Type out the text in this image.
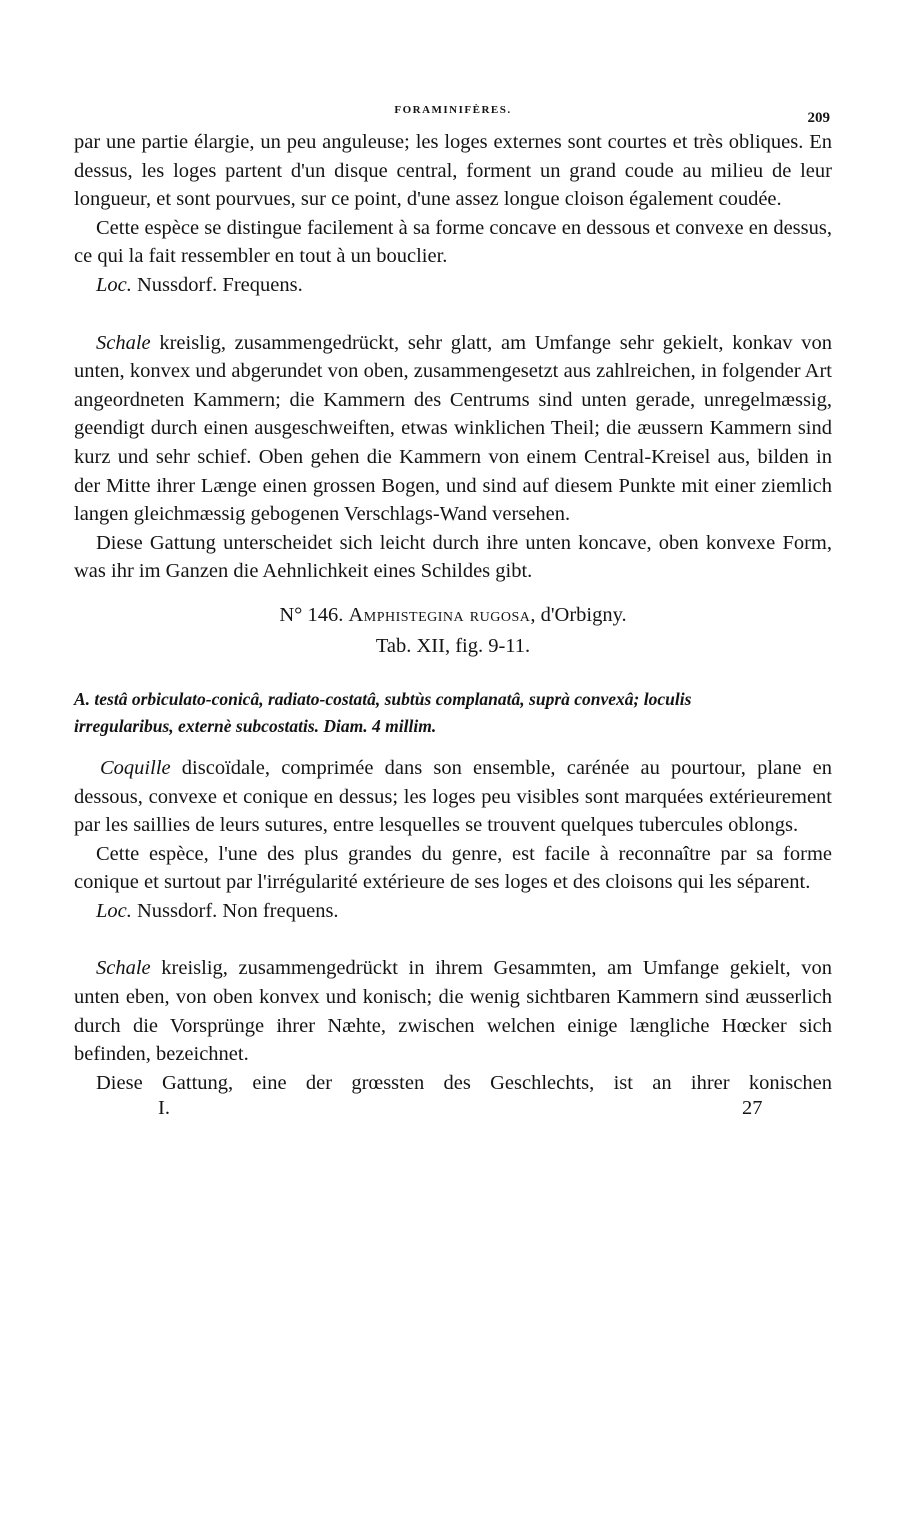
FORAMINIFÈRES.	209

par une partie élargie, un peu anguleuse; les loges externes sont courtes et très obliques. En dessus, les loges partent d'un disque central, forment un grand coude au milieu de leur longueur, et sont pourvues, sur ce point, d'une assez longue cloison également coudée.

Cette espèce se distingue facilement à sa forme concave en dessous et convexe en dessus, ce qui la fait ressembler en tout à un bouclier.

Loc. Nussdorf. Frequens.

Schale kreislig, zusammengedrückt, sehr glatt, am Umfange sehr gekielt, konkav von unten, konvex und abgerundet von oben, zusammengesetzt aus zahlreichen, in folgender Art angeordneten Kammern; die Kammern des Centrums sind unten gerade, unregelmæssig, geendigt durch einen ausgeschweiften, etwas winklichen Theil; die æussern Kammern sind kurz und sehr schief. Oben gehen die Kammern von einem Central-Kreisel aus, bilden in der Mitte ihrer Længe einen grossen Bogen, und sind auf diesem Punkte mit einer ziemlich langen gleichmæssig gebogenen Verschlags-Wand versehen.

Diese Gattung unterscheidet sich leicht durch ihre unten koncave, oben konvexe Form, was ihr im Ganzen die Aehnlichkeit eines Schildes gibt.

N° 146. Amphistegina rugosa, d'Orbigny.
Tab. XII, fig. 9-11.

A. testâ orbiculato-conicâ, radiato-costatâ, subtùs complanatâ, suprà convexâ; loculis

irregularibus, externè subcostatis. Diam. 4 millim.

Coquille discoïdale, comprimée dans son ensemble, carénée au pourtour, plane en dessous, convexe et conique en dessus; les loges peu visibles sont marquées extérieurement par les saillies de leurs sutures, entre lesquelles se trouvent quelques tubercules oblongs.

Cette espèce, l'une des plus grandes du genre, est facile à reconnaître par sa forme conique et surtout par l'irrégularité extérieure de ses loges et des cloisons qui les séparent.

Loc. Nussdorf. Non frequens.

Schale kreislig, zusammengedrückt in ihrem Gesammten, am Umfange gekielt, von unten eben, von oben konvex und konisch; die wenig sichtbaren Kammern sind æusserlich durch die Vorsprünge ihrer Næhte, zwischen welchen einige længliche Hœcker sich befinden, bezeichnet.

Diese Gattung, eine der grœssten des Geschlechts, ist an ihrer konischen

I.	27
